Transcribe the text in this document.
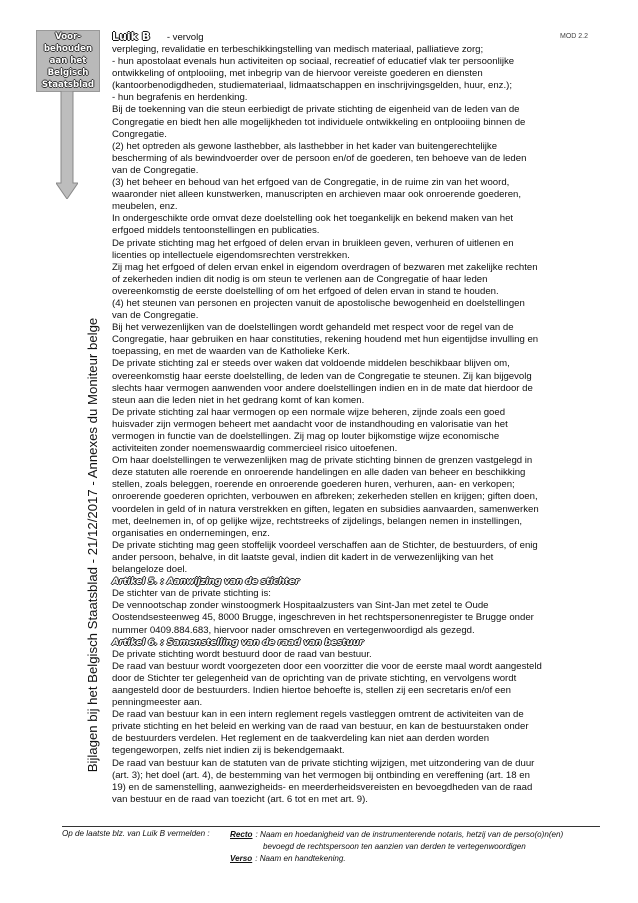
Voor-
behouden
aan het
Belgisch
Staatsblad
Bijlagen bij het Belgisch Staatsblad - 21/12/2017 - Annexes du Moniteur belge
MOD 2.2
Luik B - vervolg
verpleging, revalidatie en terbeschikkingstelling van medisch materiaal, palliatieve zorg;
- hun apostolaat evenals hun activiteiten op sociaal, recreatief of educatief vlak ter persoonlijke
ontwikkeling of ontplooiing, met inbegrip van de hiervoor vereiste goederen en diensten
(kantoorbenodigdheden, studiemateriaal, lidmaatschappen en inschrijvingsgelden, huur, enz.);
- hun begrafenis en herdenking.
Bij de toekenning van die steun eerbiedigt de private stichting de eigenheid van de leden van de
Congregatie en biedt hen alle mogelijkheden tot individuele ontwikkeling en ontplooiing binnen de
Congregatie.
(2) het optreden als gewone lasthebber, als lasthebber in het kader van buitengerechtelijke
bescherming of als bewindvoerder over de persoon en/of de goederen, ten behoeve van de leden
van de Congregatie.
(3) het beheer en behoud van het erfgoed van de Congregatie, in de ruime zin van het woord,
waaronder niet alleen kunstwerken, manuscripten en archieven maar ook onroerende goederen,
meubelen, enz.
In ondergeschikte orde omvat deze doelstelling ook het toegankelijk en bekend maken van het
erfgoed middels tentoonstellingen en publicaties.
De private stichting mag het erfgoed of delen ervan in bruikleen geven, verhuren of uitlenen en
licenties op intellectuele eigendomsrechten verstrekken.
Zij mag het erfgoed of delen ervan enkel in eigendom overdragen of bezwaren met zakelijke rechten
of zekerheden indien dit nodig is om steun te verlenen aan de Congregatie of haar leden
overeenkomstig de eerste doelstelling of om het erfgoed of delen ervan in stand te houden.
(4) het steunen van personen en projecten vanuit de apostolische bewogenheid en doelstellingen
van de Congregatie.
Bij het verwezenlijken van de doelstellingen wordt gehandeld met respect voor de regel van de
Congregatie, haar gebruiken en haar constituties, rekening houdend met hun eigentijdse invulling en
toepassing, en met de waarden van de Katholieke Kerk.
De private stichting zal er steeds over waken dat voldoende middelen beschikbaar blijven om,
overeenkomstig haar eerste doelstelling, de leden van de Congregatie te steunen. Zij kan bijgevolg
slechts haar vermogen aanwenden voor andere doelstellingen indien en in de mate dat hierdoor de
steun aan die leden niet in het gedrang komt of kan komen.
De private stichting zal haar vermogen op een normale wijze beheren, zijnde zoals een goed
huisvader zijn vermogen beheert met aandacht voor de instandhouding en valorisatie van het
vermogen in functie van de doelstellingen. Zij mag op louter bijkomstige wijze economische
activiteiten zonder noemenswaardig commercieel risico uitoefenen.
Om haar doelstellingen te verwezenlijken mag de private stichting binnen de grenzen vastgelegd in
deze statuten alle roerende en onroerende handelingen en alle daden van beheer en beschikking
stellen, zoals beleggen, roerende en onroerende goederen huren, verhuren, aan- en verkopen;
onroerende goederen oprichten, verbouwen en afbreken; zekerheden stellen en krijgen; giften doen,
voordelen in geld of in natura verstrekken en giften, legaten en subsidies aanvaarden, samenwerken
met, deelnemen in, of op gelijke wijze, rechtstreeks of zijdelings, belangen nemen in instellingen,
organisaties en ondernemingen, enz.
De private stichting mag geen stoffelijk voordeel verschaffen aan de Stichter, de bestuurders, of enig
ander persoon, behalve, in dit laatste geval, indien dit kadert in de verwezenlijking van het
belangeloze doel.
Artikel 5. : Aanwijzing van de stichter
De stichter van de private stichting is:
De vennootschap zonder winstoogmerk Hospitaalzusters van Sint-Jan met zetel te Oude
Oostendsesteenweg 45, 8000 Brugge, ingeschreven in het rechtspersonenregister te Brugge onder
nummer 0409.884.683, hiervoor nader omschreven en vertegenwoordigd als gezegd.
Artikel 6. : Samenstelling van de raad van bestuur
De private stichting wordt bestuurd door de raad van bestuur.
De raad van bestuur wordt voorgezeten door een voorzitter die voor de eerste maal wordt aangesteld
door de Stichter ter gelegenheid van de oprichting van de private stichting, en vervolgens wordt
aangesteld door de bestuurders. Indien hiertoe behoefte is, stellen zij een secretaris en/of een
penningmeester aan.
De raad van bestuur kan in een intern reglement regels vastleggen omtrent de activiteiten van de
private stichting en het beleid en werking van de raad van bestuur, en kan de bestuurstaken onder
de bestuurders verdelen. Het reglement en de taakverdeling kan niet aan derden worden
tegengeworpen, zelfs niet indien zij is bekendgemaakt.
De raad van bestuur kan de statuten van de private stichting wijzigen, met uitzondering van de duur
(art. 3); het doel (art. 4), de bestemming van het vermogen bij ontbinding en vereffening (art. 18 en
19) en de samenstelling, aanwezigheids- en meerderheidsvereisten en bevoegdheden van de raad
van bestuur en de raad van toezicht (art. 6 tot en met art. 9).
Op de laatste blz. van Luik B vermelden :	Recto : Naam en hoedanigheid van de instrumenterende notaris, hetzij van de perso(o)n(en)
bevoegd de rechtspersoon ten aanzien van derden te vertegenwoordigen
Verso : Naam en handtekening.
